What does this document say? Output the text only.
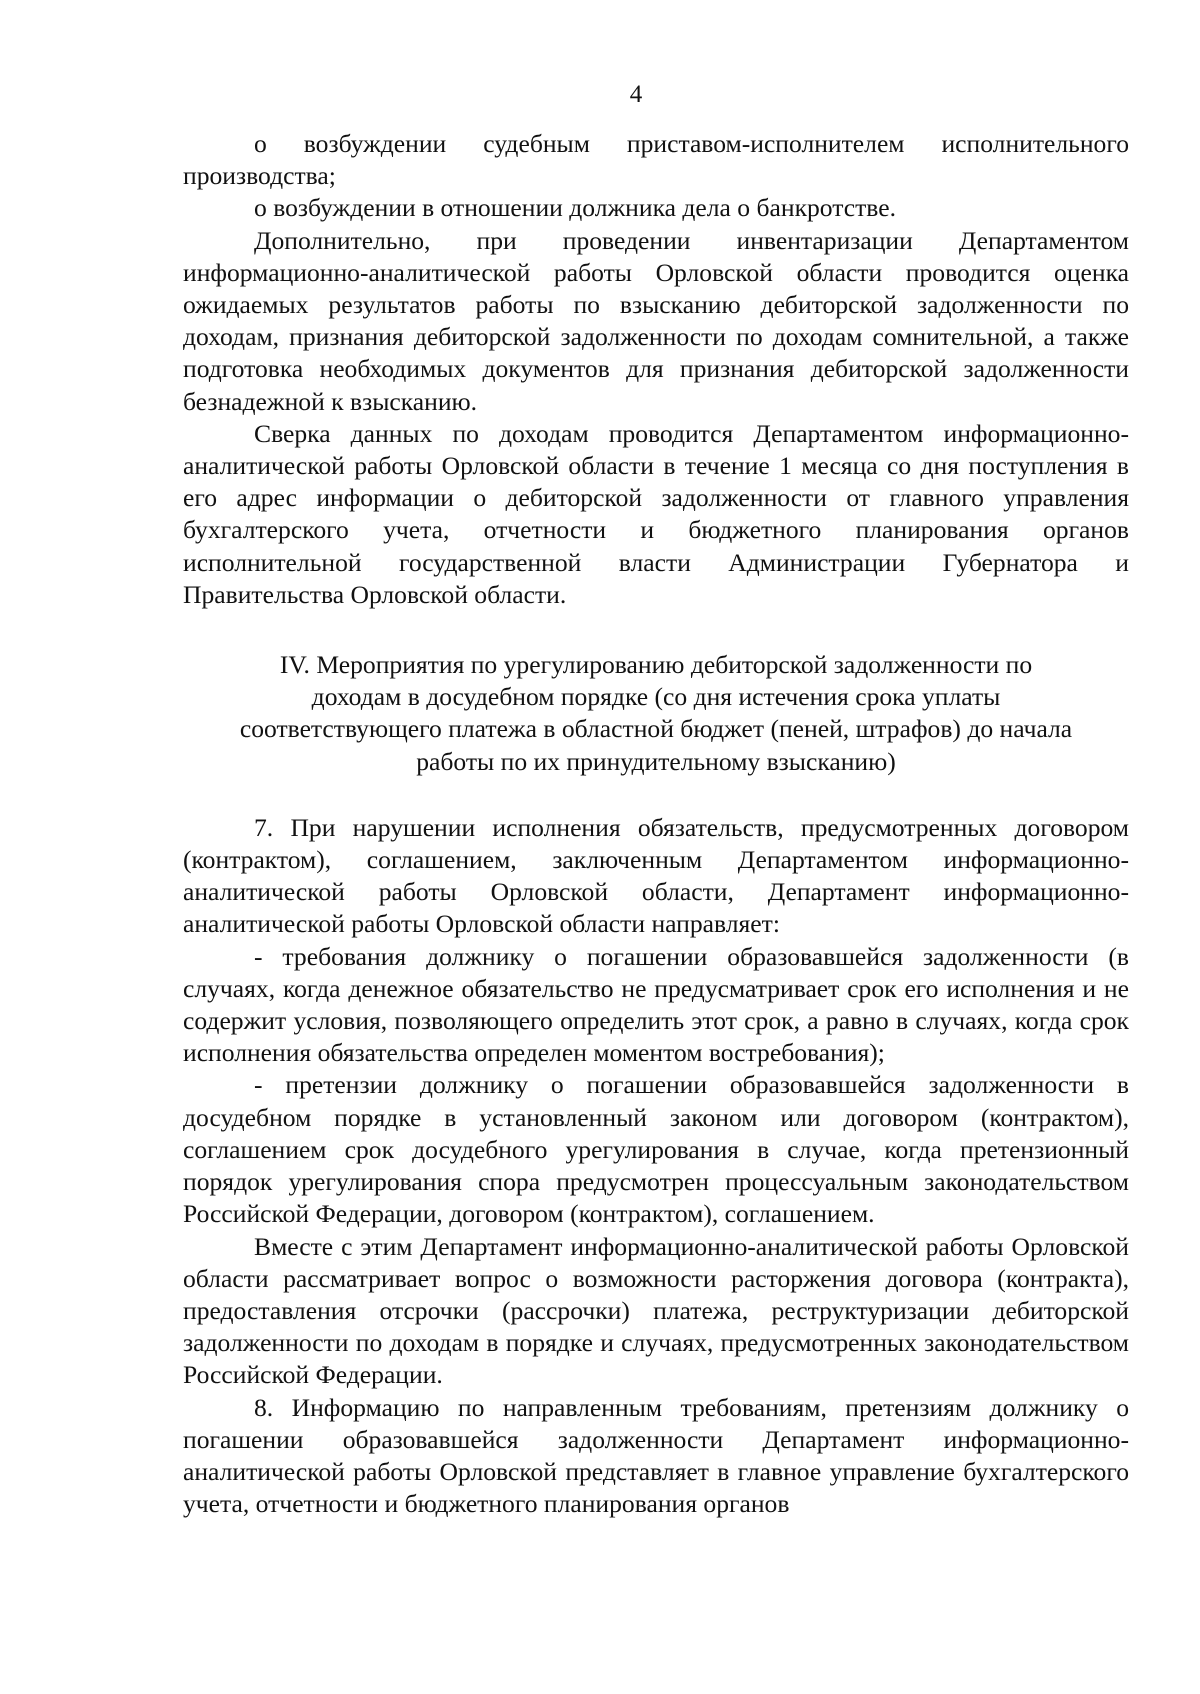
4

о возбуждении судебным приставом-исполнителем исполнительного производства;

о возбуждении в отношении должника дела о банкротстве.

Дополнительно, при проведении инвентаризации Департаментом информационно-аналитической работы Орловской области проводится оценка ожидаемых результатов работы по взысканию дебиторской задолженности по доходам, признания дебиторской задолженности по доходам сомнительной, а также подготовка необходимых документов для признания дебиторской задолженности безнадежной к взысканию.

Сверка данных по доходам проводится Департаментом информационно-аналитической работы Орловской области в течение 1 месяца со дня поступления в его адрес информации о дебиторской задолженности от главного управления бухгалтерского учета, отчетности и бюджетного планирования органов исполнительной государственной власти Администрации Губернатора и Правительства Орловской области.

IV. Мероприятия по урегулированию дебиторской задолженности по
доходам в досудебном порядке (со дня истечения срока уплаты
соответствующего платежа в областной бюджет (пеней, штрафов) до начала
работы по их принудительному взысканию)

7. При нарушении исполнения обязательств, предусмотренных договором (контрактом), соглашением, заключенным Департаментом информационно-аналитической работы Орловской области, Департамент информационно-аналитической работы Орловской области направляет:

- требования должнику о погашении образовавшейся задолженности (в случаях, когда денежное обязательство не предусматривает срок его исполнения и не содержит условия, позволяющего определить этот срок, а равно в случаях, когда срок исполнения обязательства определен моментом востребования);

- претензии должнику о погашении образовавшейся задолженности в досудебном порядке в установленный законом или договором (контрактом), соглашением срок досудебного урегулирования в случае, когда претензионный порядок урегулирования спора предусмотрен процессуальным законодательством Российской Федерации, договором (контрактом), соглашением.

Вместе с этим Департамент информационно-аналитической работы Орловской области рассматривает вопрос о возможности расторжения договора (контракта), предоставления отсрочки (рассрочки) платежа, реструктуризации дебиторской задолженности по доходам в порядке и случаях, предусмотренных законодательством Российской Федерации.

8. Информацию по направленным требованиям, претензиям должнику о погашении образовавшейся задолженности Департамент информационно-аналитической работы Орловской представляет в главное управление бухгалтерского учета, отчетности и бюджетного планирования органов
